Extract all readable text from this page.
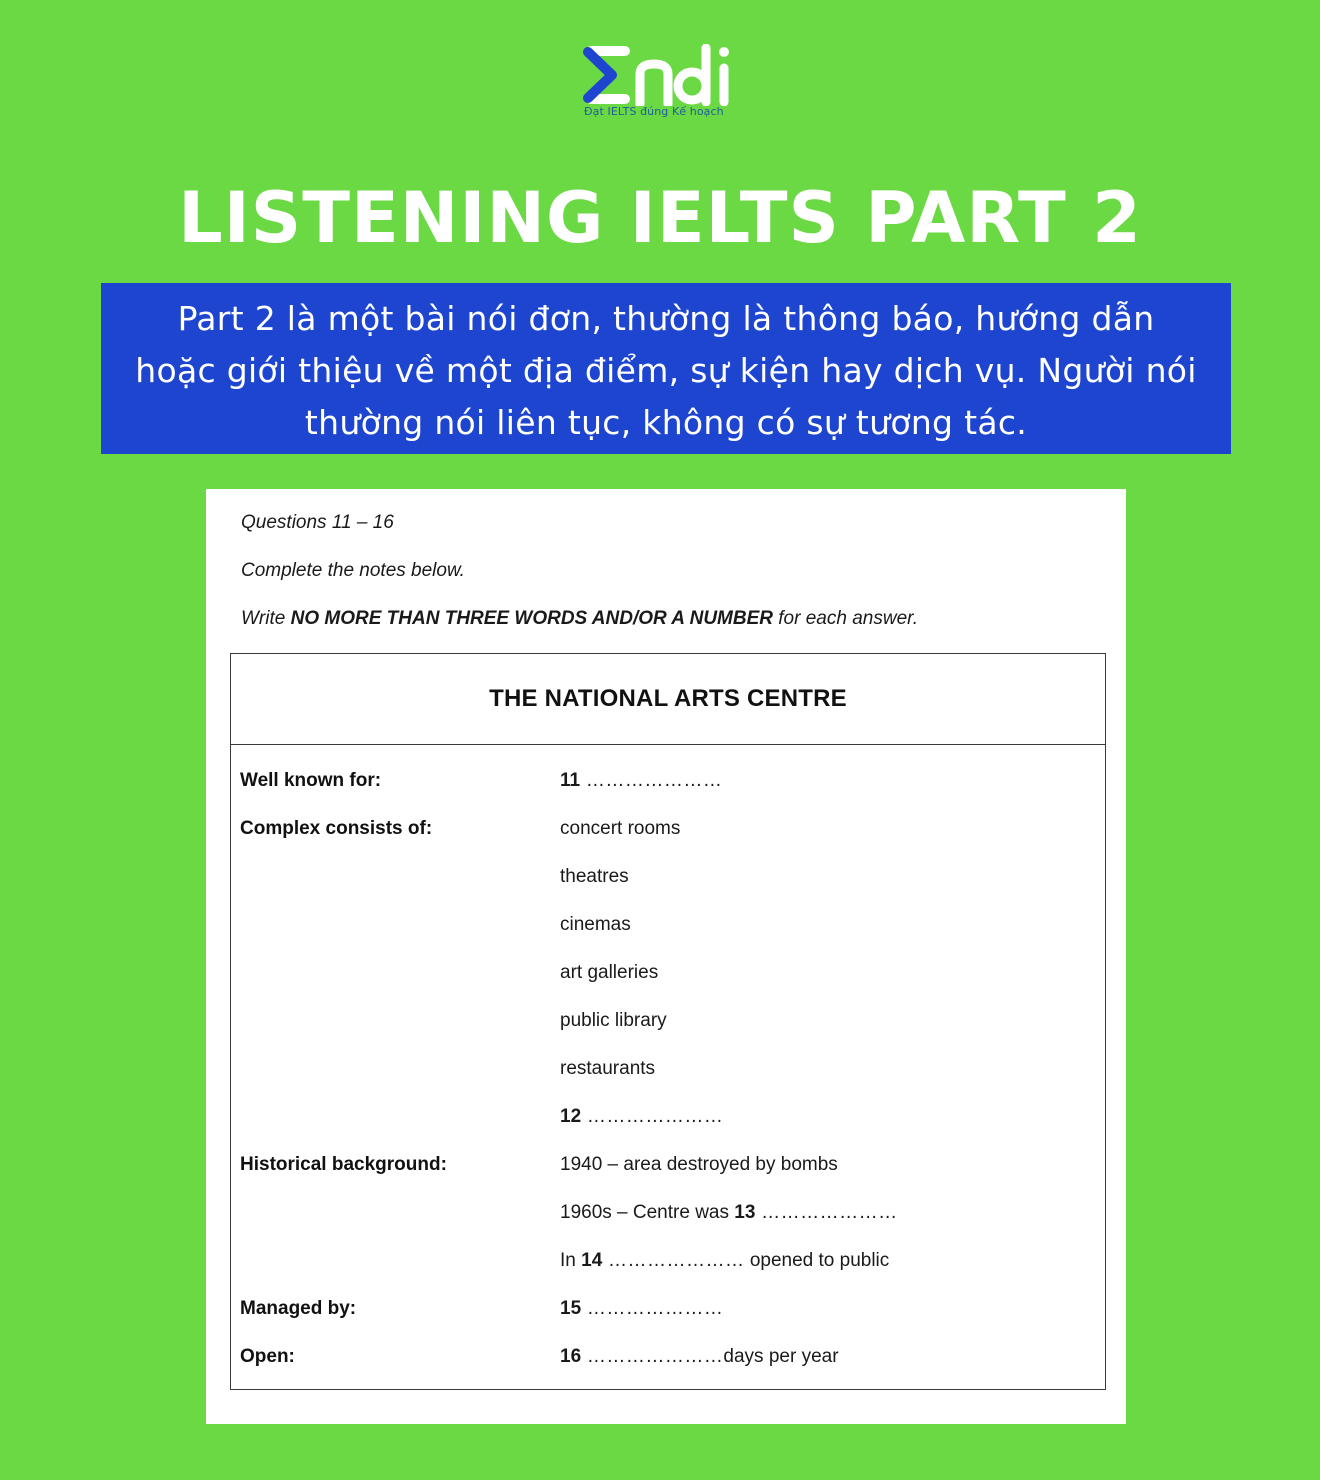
Đạt IELTS đúng Kế hoạch
LISTENING IELTS PART 2
Part 2 là một bài nói đơn, thường là thông báo, hướng dẫn
hoặc giới thiệu về một địa điểm, sự kiện hay dịch vụ. Người nói
thường nói liên tục, không có sự tương tác.
Questions 11 – 16
Complete the notes below.
Write NO MORE THAN THREE WORDS AND/OR A NUMBER for each answer.
THE NATIONAL ARTS CENTRE
Well known for:	11 …………………
Complex consists of:	concert rooms
theatres
cinemas
art galleries
public library
restaurants
12 …………………
Historical background:	1940 – area destroyed by bombs
1960s – Centre was 13 …………………
In 14 ………………… opened to public
Managed by:	15 …………………
Open:	16 …………………days per year
